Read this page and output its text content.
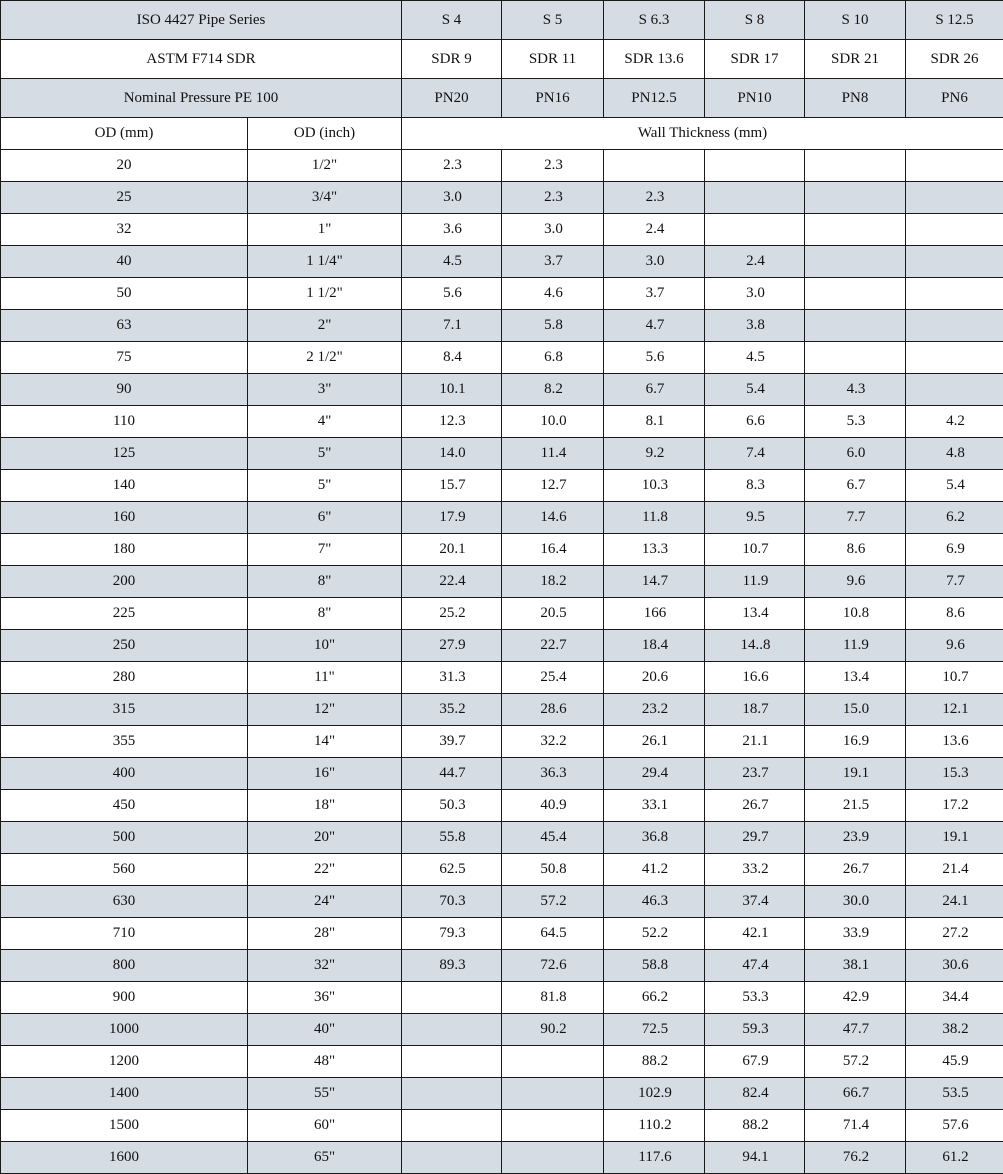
ISO 4427 Pipe Series		S 4	S 5	S 6.3	S 8	S 10	S 12.5
ASTM F714 SDR		SDR 9	SDR 11	SDR 13.6	SDR 17	SDR 21	SDR 26
Nominal Pressure PE 100		PN20	PN16	PN12.5	PN10	PN8	PN6
OD (mm)	OD (inch)	Wall Thickness (mm)					
20	1/2"	2.3	2.3				
25	3/4"	3.0	2.3	2.3			
32	1"	3.6	3.0	2.4			
40	1 1/4"	4.5	3.7	3.0	2.4		
50	1 1/2"	5.6	4.6	3.7	3.0		
63	2"	7.1	5.8	4.7	3.8		
75	2 1/2"	8.4	6.8	5.6	4.5		
90	3"	10.1	8.2	6.7	5.4	4.3	
110	4"	12.3	10.0	8.1	6.6	5.3	4.2
125	5"	14.0	11.4	9.2	7.4	6.0	4.8
140	5"	15.7	12.7	10.3	8.3	6.7	5.4
160	6"	17.9	14.6	11.8	9.5	7.7	6.2
180	7"	20.1	16.4	13.3	10.7	8.6	6.9
200	8"	22.4	18.2	14.7	11.9	9.6	7.7
225	8"	25.2	20.5	166	13.4	10.8	8.6
250	10"	27.9	22.7	18.4	14..8	11.9	9.6
280	11"	31.3	25.4	20.6	16.6	13.4	10.7
315	12"	35.2	28.6	23.2	18.7	15.0	12.1
355	14"	39.7	32.2	26.1	21.1	16.9	13.6
400	16"	44.7	36.3	29.4	23.7	19.1	15.3
450	18"	50.3	40.9	33.1	26.7	21.5	17.2
500	20"	55.8	45.4	36.8	29.7	23.9	19.1
560	22"	62.5	50.8	41.2	33.2	26.7	21.4
630	24"	70.3	57.2	46.3	37.4	30.0	24.1
710	28"	79.3	64.5	52.2	42.1	33.9	27.2
800	32"	89.3	72.6	58.8	47.4	38.1	30.6
900	36"		81.8	66.2	53.3	42.9	34.4
1000	40"		90.2	72.5	59.3	47.7	38.2
1200	48"			88.2	67.9	57.2	45.9
1400	55"			102.9	82.4	66.7	53.5
1500	60"			110.2	88.2	71.4	57.6
1600	65"			117.6	94.1	76.2	61.2
